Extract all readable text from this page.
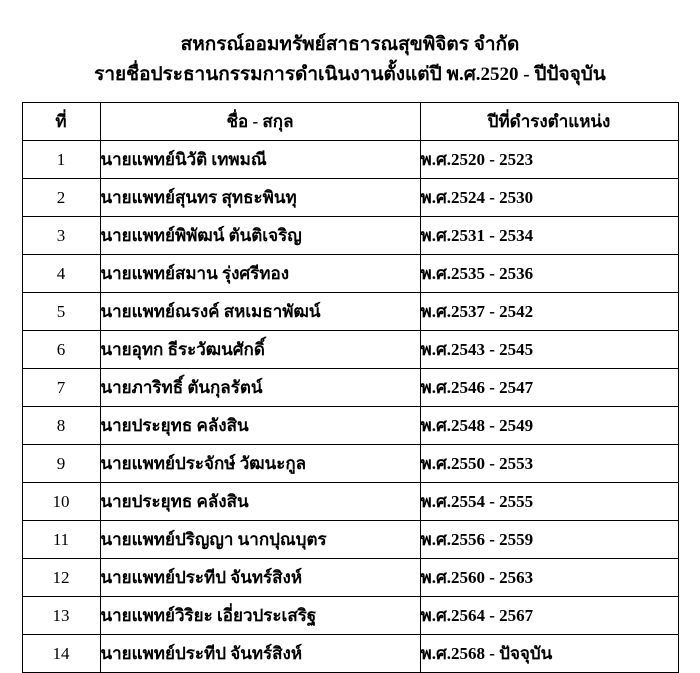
สหกรณ์ออมทรัพย์สาธารณสุขพิจิตร จำกัด
รายชื่อประธานกรรมการดำเนินงานตั้งแต่ปี พ.ศ.2520 - ปีปัจจุบัน
ที่	ชื่อ - สกุล	ปีที่ดำรงตำแหน่ง
1	นายแพทย์นิวัติ เทพมณี	พ.ศ.2520 - 2523
2	นายแพทย์สุนทร สุทธะพินทุ	พ.ศ.2524 - 2530
3	นายแพทย์พิพัฒน์ ตันติเจริญ	พ.ศ.2531 - 2534
4	นายแพทย์สมาน รุ่งศรีทอง	พ.ศ.2535 - 2536
5	นายแพทย์ณรงค์ สหเมธาพัฒน์	พ.ศ.2537 - 2542
6	นายอุทก ธีระวัฒนศักดิ์	พ.ศ.2543 - 2545
7	นายภาริทธิ์ ตันกุลรัตน์	พ.ศ.2546 - 2547
8	นายประยุทธ คลังสิน	พ.ศ.2548 - 2549
9	นายแพทย์ประจักษ์ วัฒนะกูล	พ.ศ.2550 - 2553
10	นายประยุทธ คลังสิน	พ.ศ.2554 - 2555
11	นายแพทย์ปริญญา นากปุณบุตร	พ.ศ.2556 - 2559
12	นายแพทย์ประทีป จันทร์สิงห์	พ.ศ.2560 - 2563
13	นายแพทย์วิริยะ เอี่ยวประเสริฐ	พ.ศ.2564 - 2567
14	นายแพทย์ประทีป จันทร์สิงห์	พ.ศ.2568 - ปัจจุบัน
